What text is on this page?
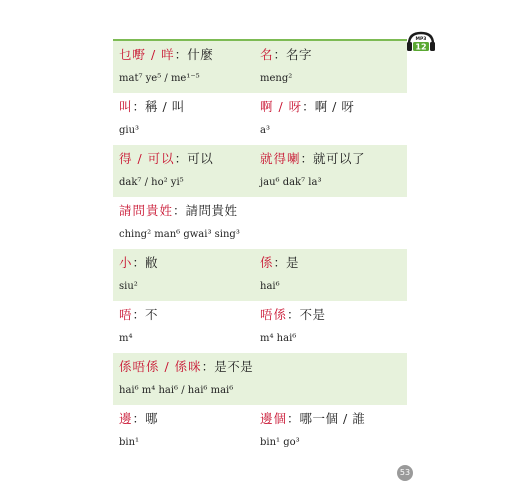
MP3
12
乜嘢 / 咩：什麼
mat⁷ ye⁵ / me¹⁻⁵
名：名字
meng²
叫：稱 / 叫
giu³
啊 / 呀：啊 / 呀
a³
得 / 可以：可以
dak⁷ / ho² yi⁵
就得喇：就可以了
jau⁶ dak⁷ la³
請問貴姓：請問貴姓
ching² man⁶ gwai³ sing³
小：敝
siu²
係：是
hai⁶
唔：不
m⁴
唔係：不是
m⁴ hai⁶
係唔係 / 係咪：是不是
hai⁶ m⁴ hai⁶ / hai⁶ mai⁶
邊：哪
bin¹
邊個：哪一個 / 誰
bin¹ go³
53
